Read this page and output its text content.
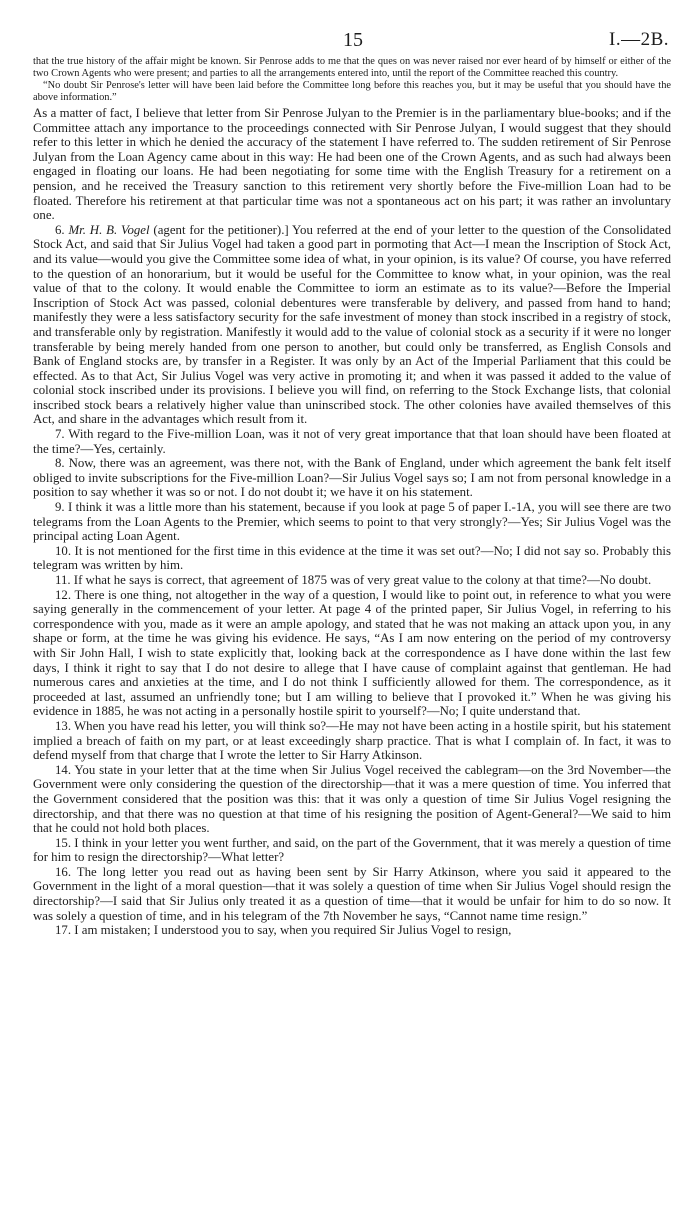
15	I.—2B.

that the true history of the affair might be known. Sir Penrose adds to me that the ques on was never raised nor ever heard of by himself or either of the two Crown Agents who were present; and parties to all the arrangements entered into, until the report of the Committee reached this country.

“No doubt Sir Penrose's letter will have been laid before the Committee long before this reaches you, but it may be useful that you should have the above information.”

As a matter of fact, I believe that letter from Sir Penrose Julyan to the Premier is in the parliamentary blue-books; and if the Committee attach any importance to the proceedings connected with Sir Penrose Julyan, I would suggest that they should refer to this letter in which he denied the accuracy of the statement I have referred to. The sudden retirement of Sir Penrose Julyan from the Loan Agency came about in this way: He had been one of the Crown Agents, and as such had always been engaged in floating our loans. He had been negotiating for some time with the English Treasury for a retirement on a pension, and he received the Treasury sanction to this retirement very shortly before the Five-million Loan had to be floated. Therefore his retirement at that particular time was not a spontaneous act on his part; it was rather an involuntary one.

6. Mr. H. B. Vogel (agent for the petitioner).] You referred at the end of your letter to the question of the Consolidated Stock Act, and said that Sir Julius Vogel had taken a good part in pormoting that Act—I mean the Inscription of Stock Act, and its value—would you give the Committee some idea of what, in your opinion, is its value? Of course, you have referred to the question of an honorarium, but it would be useful for the Committee to know what, in your opinion, was the real value of that to the colony. It would enable the Committee to iorm an estimate as to its value?—Before the Imperial Inscription of Stock Act was passed, colonial debentures were transferable by delivery, and passed from hand to hand; manifestly they were a less satisfactory security for the safe investment of money than stock inscribed in a registry of stock, and transferable only by registration. Manifestly it would add to the value of colonial stock as a security if it were no longer transferable by being merely handed from one person to another, but could only be transferred, as English Consols and Bank of England stocks are, by transfer in a Register. It was only by an Act of the Imperial Parliament that this could be effected. As to that Act, Sir Julius Vogel was very active in promoting it; and when it was passed it added to the value of colonial stock inscribed under its provisions. I believe you will find, on referring to the Stock Exchange lists, that colonial inscribed stock bears a relatively higher value than uninscribed stock. The other colonies have availed themselves of this Act, and share in the advantages which result from it.

7. With regard to the Five-million Loan, was it not of very great importance that that loan should have been floated at the time?—Yes, certainly.

8. Now, there was an agreement, was there not, with the Bank of England, under which agreement the bank felt itself obliged to invite subscriptions for the Five-million Loan?—Sir Julius Vogel says so; I am not from personal knowledge in a position to say whether it was so or not. I do not doubt it; we have it on his statement.

9. I think it was a little more than his statement, because if you look at page 5 of paper I.-1A, you will see there are two telegrams from the Loan Agents to the Premier, which seems to point to that very strongly?—Yes; Sir Julius Vogel was the principal acting Loan Agent.

10. It is not mentioned for the first time in this evidence at the time it was set out?—No; I did not say so. Probably this telegram was written by him.

11. If what he says is correct, that agreement of 1875 was of very great value to the colony at that time?—No doubt.

12. There is one thing, not altogether in the way of a question, I would like to point out, in reference to what you were saying generally in the commencement of your letter. At page 4 of the printed paper, Sir Julius Vogel, in referring to his correspondence with you, made as it were an ample apology, and stated that he was not making an attack upon you, in any shape or form, at the time he was giving his evidence. He says, “As I am now entering on the period of my controversy with Sir John Hall, I wish to state explicitly that, looking back at the correspondence as I have done within the last few days, I think it right to say that I do not desire to allege that I have cause of complaint against that gentleman. He had numerous cares and anxieties at the time, and I do not think I sufficiently allowed for them. The correspondence, as it proceeded at last, assumed an unfriendly tone; but I am willing to believe that I provoked it.” When he was giving his evidence in 1885, he was not acting in a personally hostile spirit to yourself?—No; I quite understand that.

13. When you have read his letter, you will think so?—He may not have been acting in a hostile spirit, but his statement implied a breach of faith on my part, or at least exceedingly sharp practice. That is what I complain of. In fact, it was to defend myself from that charge that I wrote the letter to Sir Harry Atkinson.

14. You state in your letter that at the time when Sir Julius Vogel received the cablegram—on the 3rd November—the Government were only considering the question of the directorship—that it was a mere question of time. You inferred that the Government considered that the position was this: that it was only a question of time Sir Julius Vogel resigning the directorship, and that there was no question at that time of his resigning the position of Agent-General?—We said to him that he could not hold both places.

15. I think in your letter you went further, and said, on the part of the Government, that it was merely a question of time for him to resign the directorship?—What letter?

16. The long letter you read out as having been sent by Sir Harry Atkinson, where you said it appeared to the Government in the light of a moral question—that it was solely a question of time when Sir Julius Vogel should resign the directorship?—I said that Sir Julius only treated it as a question of time—that it would be unfair for him to do so now. It was solely a question of time, and in his telegram of the 7th November he says, “Cannot name time resign.”

17. I am mistaken; I understood you to say, when you required Sir Julius Vogel to resign,
